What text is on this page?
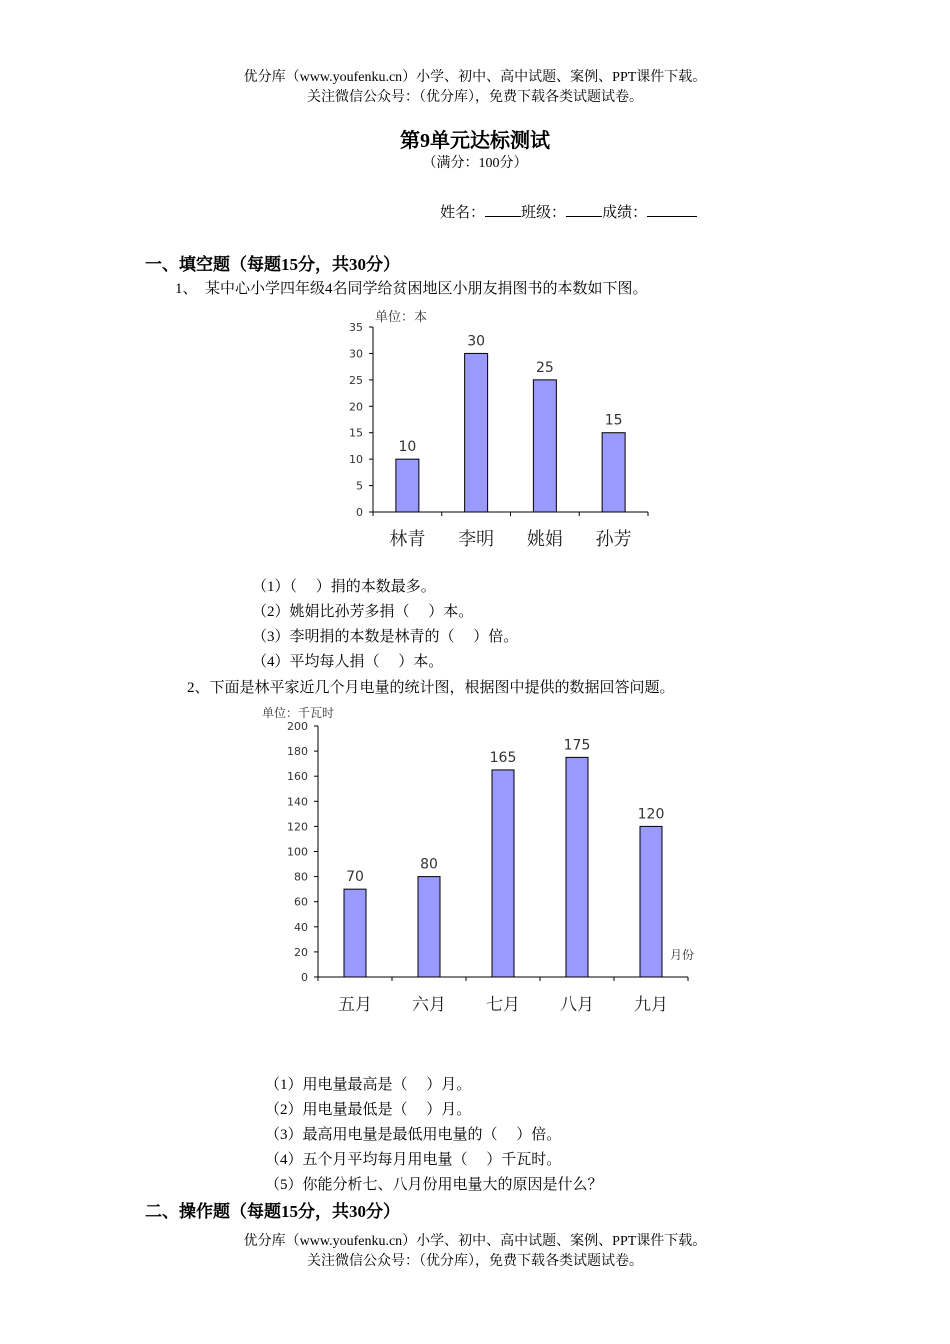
优分库（www.youfenku.cn）小学、初中、高中试题、案例、PPT课件下载。
关注微信公众号：（优分库），免费下载各类试题试卷。
第9单元达标测试
（满分：100分）
姓名： 班级： 成绩：
一、填空题（每题15分，共30分）
1、　某中心小学四年级4名同学给贫困地区小朋友捐图书的本数如下图。
0
5
10
15
20
25
30
35
单位：本
10
林青
30
李明
25
姚娟
15
孙芳
（1）（　 ）捐的本数最多。
（2）姚娟比孙芳多捐（　 ）本。
（3）李明捐的本数是林青的（　 ）倍。
（4）平均每人捐（　 ）本。
2、下面是林平家近几个月电量的统计图，根据图中提供的数据回答问题。
0
20
40
60
80
100
120
140
160
180
200
单位：千瓦时
70
五月
80
六月
165
七月
175
八月
120
九月
月份
（1）用电量最高是（　 ）月。
（2）用电量最低是（　 ）月。
（3）最高用电量是最低用电量的（　 ）倍。
（4）五个月平均每月用电量（　 ）千瓦时。
（5）你能分析七、八月份用电量大的原因是什么？
二、操作题（每题15分，共30分）
优分库（www.youfenku.cn）小学、初中、高中试题、案例、PPT课件下载。
关注微信公众号：（优分库），免费下载各类试题试卷。
